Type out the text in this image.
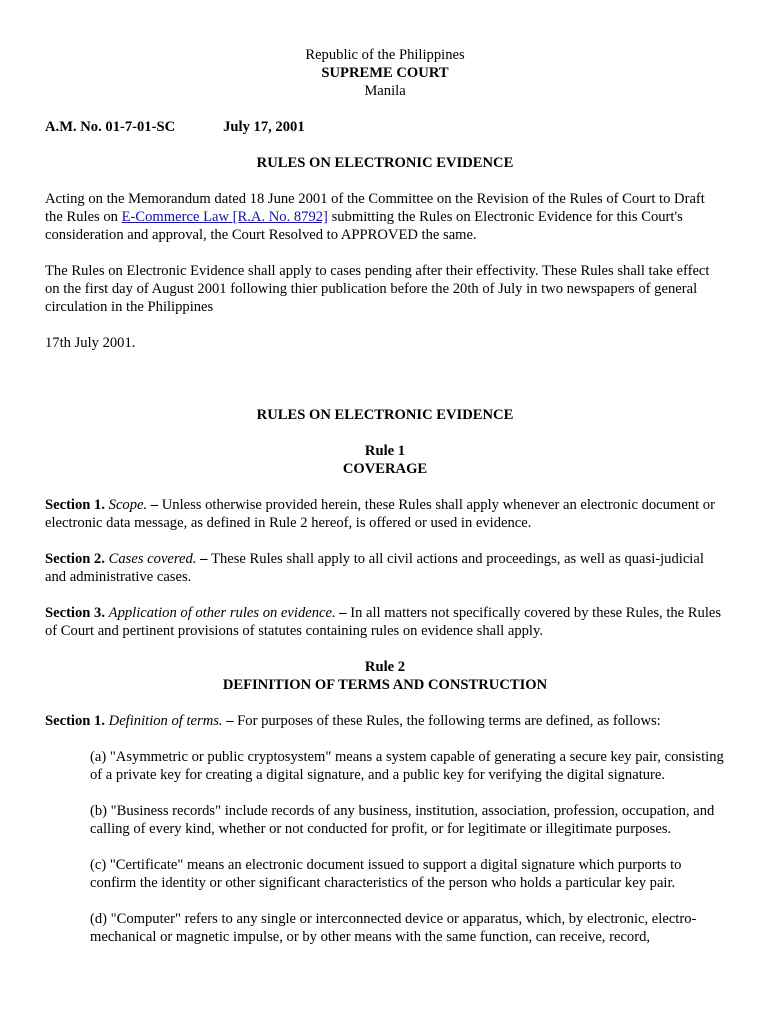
Republic of the Philippines
SUPREME COURT
Manila
A.M. No. 01-7-01-SC	July 17, 2001
RULES ON ELECTRONIC EVIDENCE

Acting on the Memorandum dated 18 June 2001 of the Committee on the Revision of the Rules of Court to Draft the Rules on E-Commerce Law [R.A. No. 8792] submitting the Rules on Electronic Evidence for this Court's consideration and approval, the Court Resolved to APPROVED the same.

The Rules on Electronic Evidence shall apply to cases pending after their effectivity. These Rules shall take effect on the first day of August 2001 following thier publication before the 20th of July in two newspapers of general circulation in the Philippines

17th July 2001.

RULES ON ELECTRONIC EVIDENCE
Rule 1
COVERAGE

Section 1. Scope. – Unless otherwise provided herein, these Rules shall apply whenever an electronic document or electronic data message, as defined in Rule 2 hereof, is offered or used in evidence.

Section 2. Cases covered. – These Rules shall apply to all civil actions and proceedings, as well as quasi-judicial and administrative cases.

Section 3. Application of other rules on evidence. – In all matters not specifically covered by these Rules, the Rules of Court and pertinent provisions of statutes containing rules on evidence shall apply.

Rule 2
DEFINITION OF TERMS AND CONSTRUCTION

Section 1. Definition of terms. – For purposes of these Rules, the following terms are defined, as follows:

(a) "Asymmetric or public cryptosystem" means a system capable of generating a secure key pair, consisting of a private key for creating a digital signature, and a public key for verifying the digital signature.

(b) "Business records" include records of any business, institution, association, profession, occupation, and calling of every kind, whether or not conducted for profit, or for legitimate or illegitimate purposes.

(c) "Certificate" means an electronic document issued to support a digital signature which purports to confirm the identity or other significant characteristics of the person who holds a particular key pair.

(d) "Computer" refers to any single or interconnected device or apparatus, which, by electronic, electro-mechanical or magnetic impulse, or by other means with the same function, can receive, record,
